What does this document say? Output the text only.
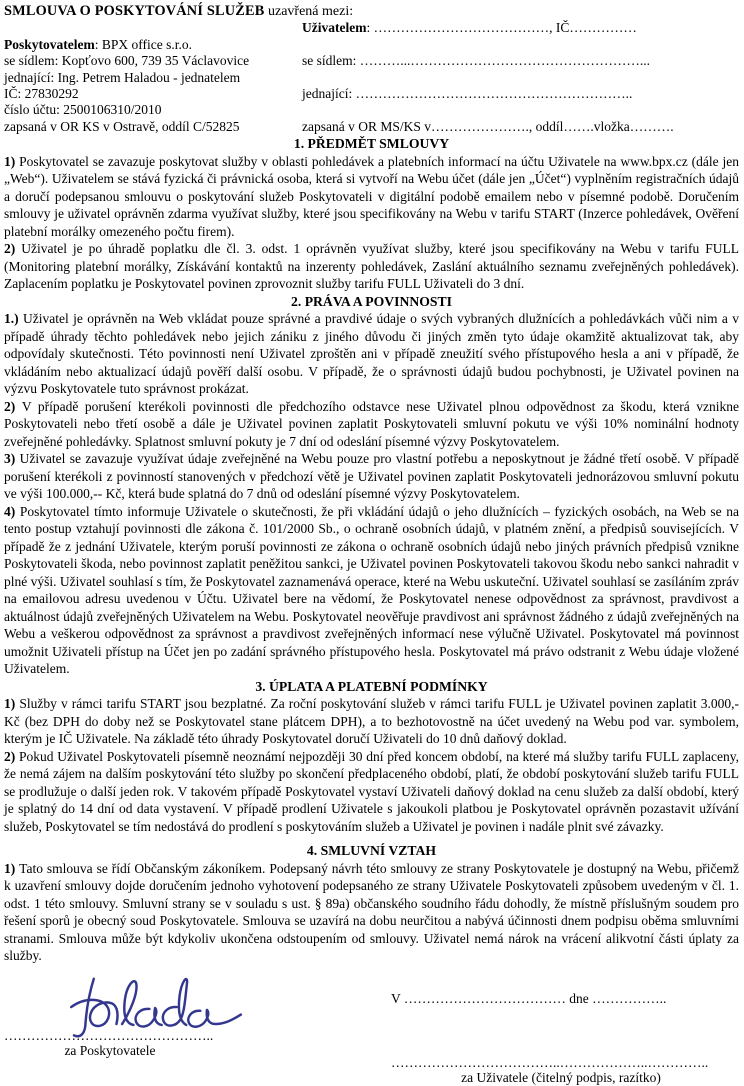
SMLOUVA O POSKYTOVÁNÍ SLUŽEB uzavřená mezi:

Uživatelem: …………………………………, IČ……………
Poskytovatelem: BPX office s.r.o.

se sídlem: Kopťovo 600, 739 35 Václavovice	se sídlem: ………...……………………………………………...
jednající: Ing. Petrem Haladou - jednatelem

IČ: 27830292	jednající: ……………………………………………………..
číslo účtu: 2500106310/2010

zapsaná v OR KS v Ostravě, oddíl C/52825	zapsaná v OR MS/KS v…………………., oddíl…….vložka……….
1. PŘEDMĚT SMLOUVY
1) Poskytovatel se zavazuje poskytovat služby v oblasti pohledávek a platebních informací na účtu Uživatele na www.bpx.cz (dále jen „Web“). Uživatelem se stává fyzická či právnická osoba, která si vytvoří na Webu účet (dále jen „Účet“) vyplněním registračních údajů a doručí podepsanou smlouvu o poskytování služeb Poskytovateli v digitální podobě emailem nebo v písemné podobě. Doručením smlouvy je uživatel oprávněn zdarma využívat služby, které jsou specifikovány na Webu v tarifu START (Inzerce pohledávek, Ověření platební morálky omezeného počtu firem).
2) Uživatel je po úhradě poplatku dle čl. 3. odst. 1 oprávněn využívat služby, které jsou specifikovány na Webu v tarifu FULL (Monitoring platební morálky, Získávání kontaktů na inzerenty pohledávek, Zaslání aktuálního seznamu zveřejněných pohledávek). Zaplacením poplatku je Poskytovatel povinen zprovoznit služby tarifu FULL Uživateli do 3 dní.
2. PRÁVA A POVINNOSTI
1.) Uživatel je oprávněn na Web vkládat pouze správné a pravdivé údaje o svých vybraných dlužnících a pohledávkách vůči nim a v případě úhrady těchto pohledávek nebo jejich zániku z jiného důvodu či jiných změn tyto údaje okamžitě aktualizovat tak, aby odpovídaly skutečnosti. Této povinnosti není Uživatel zproštěn ani v případě zneužití svého přístupového hesla a ani v případě, že vkládáním nebo aktualizací údajů pověří další osobu. V případě, že o správnosti údajů budou pochybnosti, je Uživatel povinen na výzvu Poskytovatele tuto správnost prokázat.
2) V případě porušení kterékoli povinnosti dle předchozího odstavce nese Uživatel plnou odpovědnost za škodu, která vznikne Poskytovateli nebo třetí osobě a dále je Uživatel povinen zaplatit Poskytovateli smluvní pokutu ve výši 10% nominální hodnoty zveřejněné pohledávky. Splatnost smluvní pokuty je 7 dní od odeslání písemné výzvy Poskytovatelem.
3) Uživatel se zavazuje využívat údaje zveřejněné na Webu pouze pro vlastní potřebu a neposkytnout je žádné třetí osobě. V případě porušení kterékoli z povinností stanovených v předchozí větě je Uživatel povinen zaplatit Poskytovateli jednorázovou smluvní pokutu ve výši 100.000,-- Kč, která bude splatná do 7 dnů od odeslání písemné výzvy Poskytovatelem.
4) Poskytovatel tímto informuje Uživatele o skutečnosti, že při vkládání údajů o jeho dlužnících – fyzických osobách, na Web se na tento postup vztahují povinnosti dle zákona č. 101/2000 Sb., o ochraně osobních údajů, v platném znění, a předpisů souvisejících. V případě že z jednání Uživatele, kterým poruší povinnosti ze zákona o ochraně osobních údajů nebo jiných právních předpisů vznikne Poskytovateli škoda, nebo povinnost zaplatit peněžitou sankci, je Uživatel povinen Poskytovateli takovou škodu nebo sankci nahradit v plné výši. Uživatel souhlasí s tím, že Poskytovatel zaznamenává operace, které na Webu uskuteční. Uživatel souhlasí se zasíláním zpráv na emailovou adresu uvedenou v Účtu. Uživatel bere na vědomí, že Poskytovatel nenese odpovědnost za správnost, pravdivost a aktuálnost údajů zveřejněných Uživatelem na Webu. Poskytovatel neověřuje pravdivost ani správnost žádného z údajů zveřejněných na Webu a veškerou odpovědnost za správnost a pravdivost zveřejněných informací nese výlučně Uživatel. Poskytovatel má povinnost umožnit Uživateli přístup na Účet jen po zadání správného přístupového hesla. Poskytovatel má právo odstranit z Webu údaje vložené Uživatelem.
3. ÚPLATA A PLATEBNÍ PODMÍNKY
1) Služby v rámci tarifu START jsou bezplatné. Za roční poskytování služeb v rámci tarifu FULL je Uživatel povinen zaplatit 3.000,- Kč (bez DPH do doby než se Poskytovatel stane plátcem DPH), a to bezhotovostně na účet uvedený na Webu pod var. symbolem, kterým je IČ Uživatele. Na základě této úhrady Poskytovatel doručí Uživateli do 10 dnů daňový doklad.
2) Pokud Uživatel Poskytovateli písemně neoznámí nejpozději 30 dní před koncem období, na které má služby tarifu FULL zaplaceny, že nemá zájem na dalším poskytování této služby po skončení předplaceného období, platí, že období poskytování služeb tarifu FULL se prodlužuje o další jeden rok. V takovém případě Poskytovatel vystaví Uživateli daňový doklad na cenu služeb za další období, který je splatný do 14 dní od data vystavení. V případě prodlení Uživatele s jakoukoli platbou je Poskytovatel oprávněn pozastavit užívání služeb, Poskytovatel se tím nedostává do prodlení s poskytováním služeb a Uživatel je povinen i nadále plnit své závazky.
4. SMLUVNÍ VZTAH
1) Tato smlouva se řídí Občanským zákoníkem. Podepsaný návrh této smlouvy ze strany Poskytovatele je dostupný na Webu, přičemž k uzavření smlouvy dojde doručením jednoho vyhotovení podepsaného ze strany Uživatele Poskytovateli způsobem uvedeným v čl. 1. odst. 1 této smlouvy. Smluvní strany se v souladu s ust. § 89a) občanského soudního řádu dohodly, že místně příslušným soudem pro řešení sporů je obecný soud Poskytovatele. Smlouva se uzavírá na dobu neurčitou a nabývá účinnosti dnem podpisu oběma smluvními stranami. Smlouva může být kdykoliv ukončena odstoupením od smlouvy. Uživatel nemá nárok na vrácení alikvotní části úplaty za služby.
………………………………………..
za Poskytovatele
V ……………………………… dne ……………..
………………………………..………………..…………..
za Uživatele (čitelný podpis, razítko)
